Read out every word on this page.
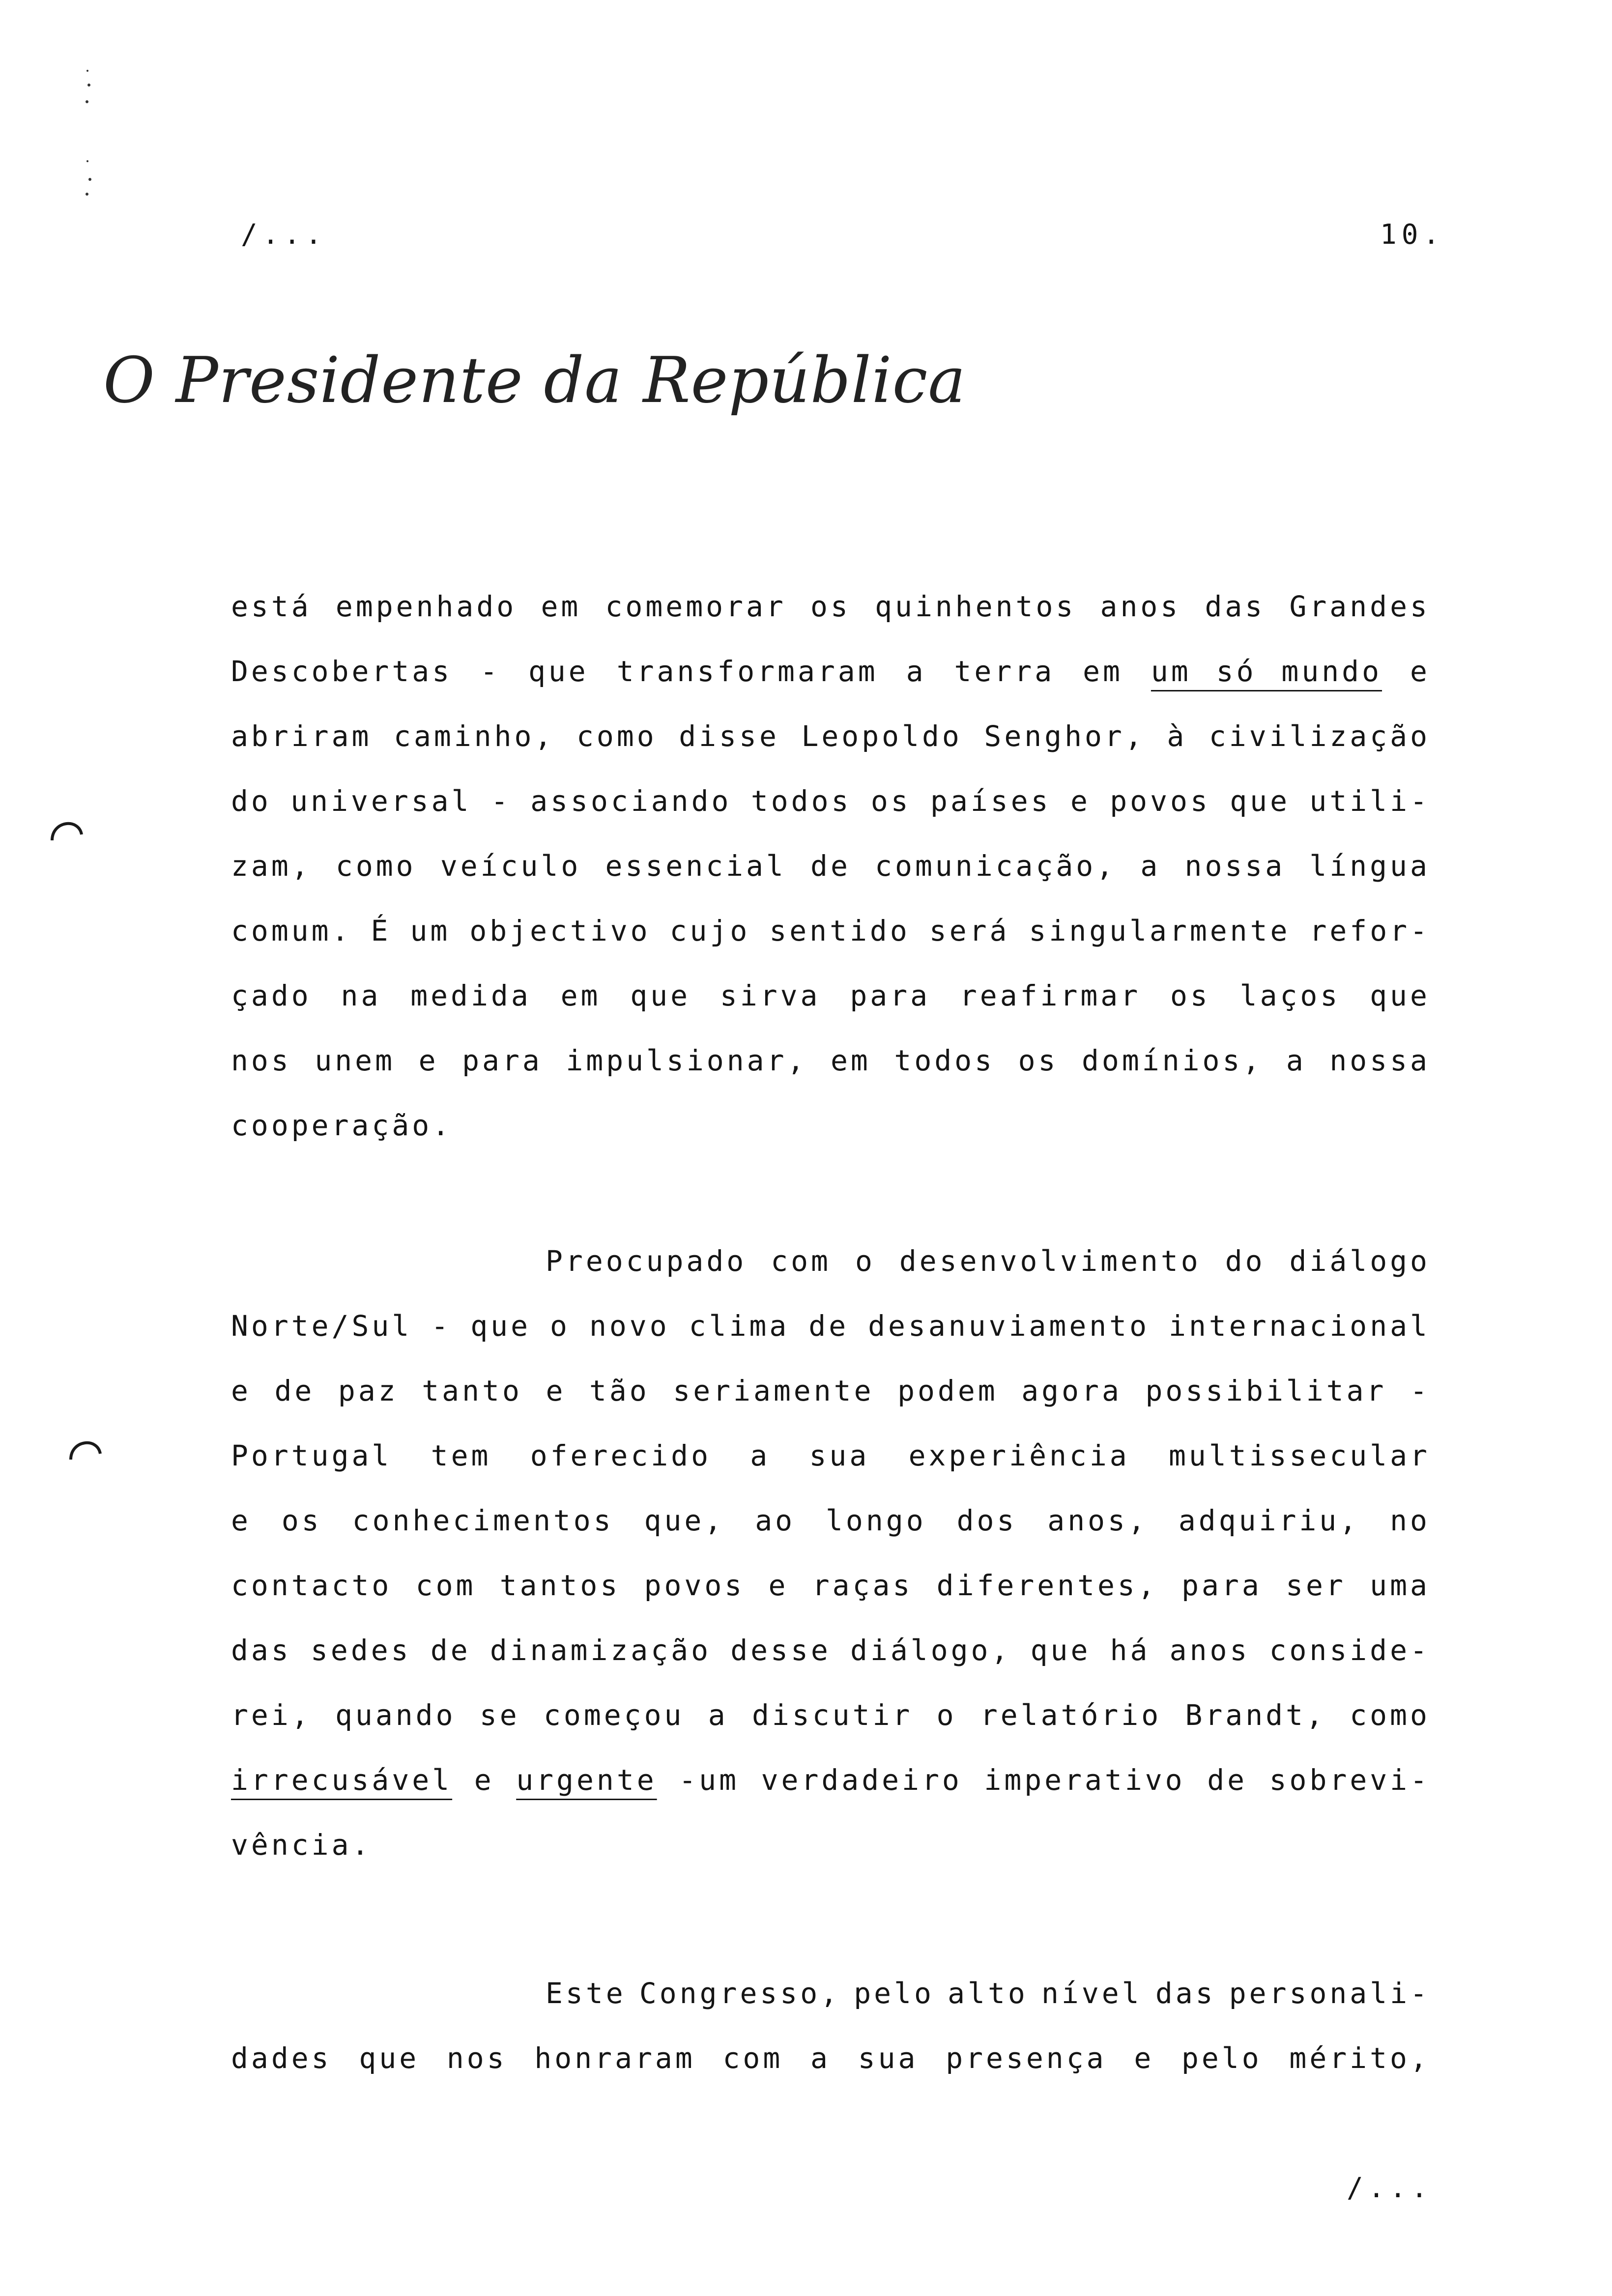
/...	10.
O Presidente da República
está empenhado em comemorar os quinhentos anos das Grandes
Descobertas - que transformaram a terra em um só mundo e
abriram caminho, como disse Leopoldo Senghor, à civilização
do universal - associando todos os países e povos que utili-
zam, como veículo essencial de comunicação, a nossa língua
comum. É um objectivo cujo sentido será singularmente refor-
çado na medida em que sirva para reafirmar os laços que
nos unem e para impulsionar, em todos os domínios, a nossa
cooperação.
Preocupado com o desenvolvimento do diálogo
Norte/Sul - que o novo clima de desanuviamento internacional
e de paz tanto e tão seriamente podem agora possibilitar -
Portugal tem oferecido a sua experiência multissecular
e os conhecimentos que, ao longo dos anos, adquiriu, no
contacto com tantos povos e raças diferentes, para ser uma
das sedes de dinamização desse diálogo, que há anos conside-
rei, quando se começou a discutir o relatório Brandt, como
irrecusável e urgente -um verdadeiro imperativo de sobrevi-
vência.
Este Congresso, pelo alto nível das personali-
dades que nos honraram com a sua presença e pelo mérito,
/...
